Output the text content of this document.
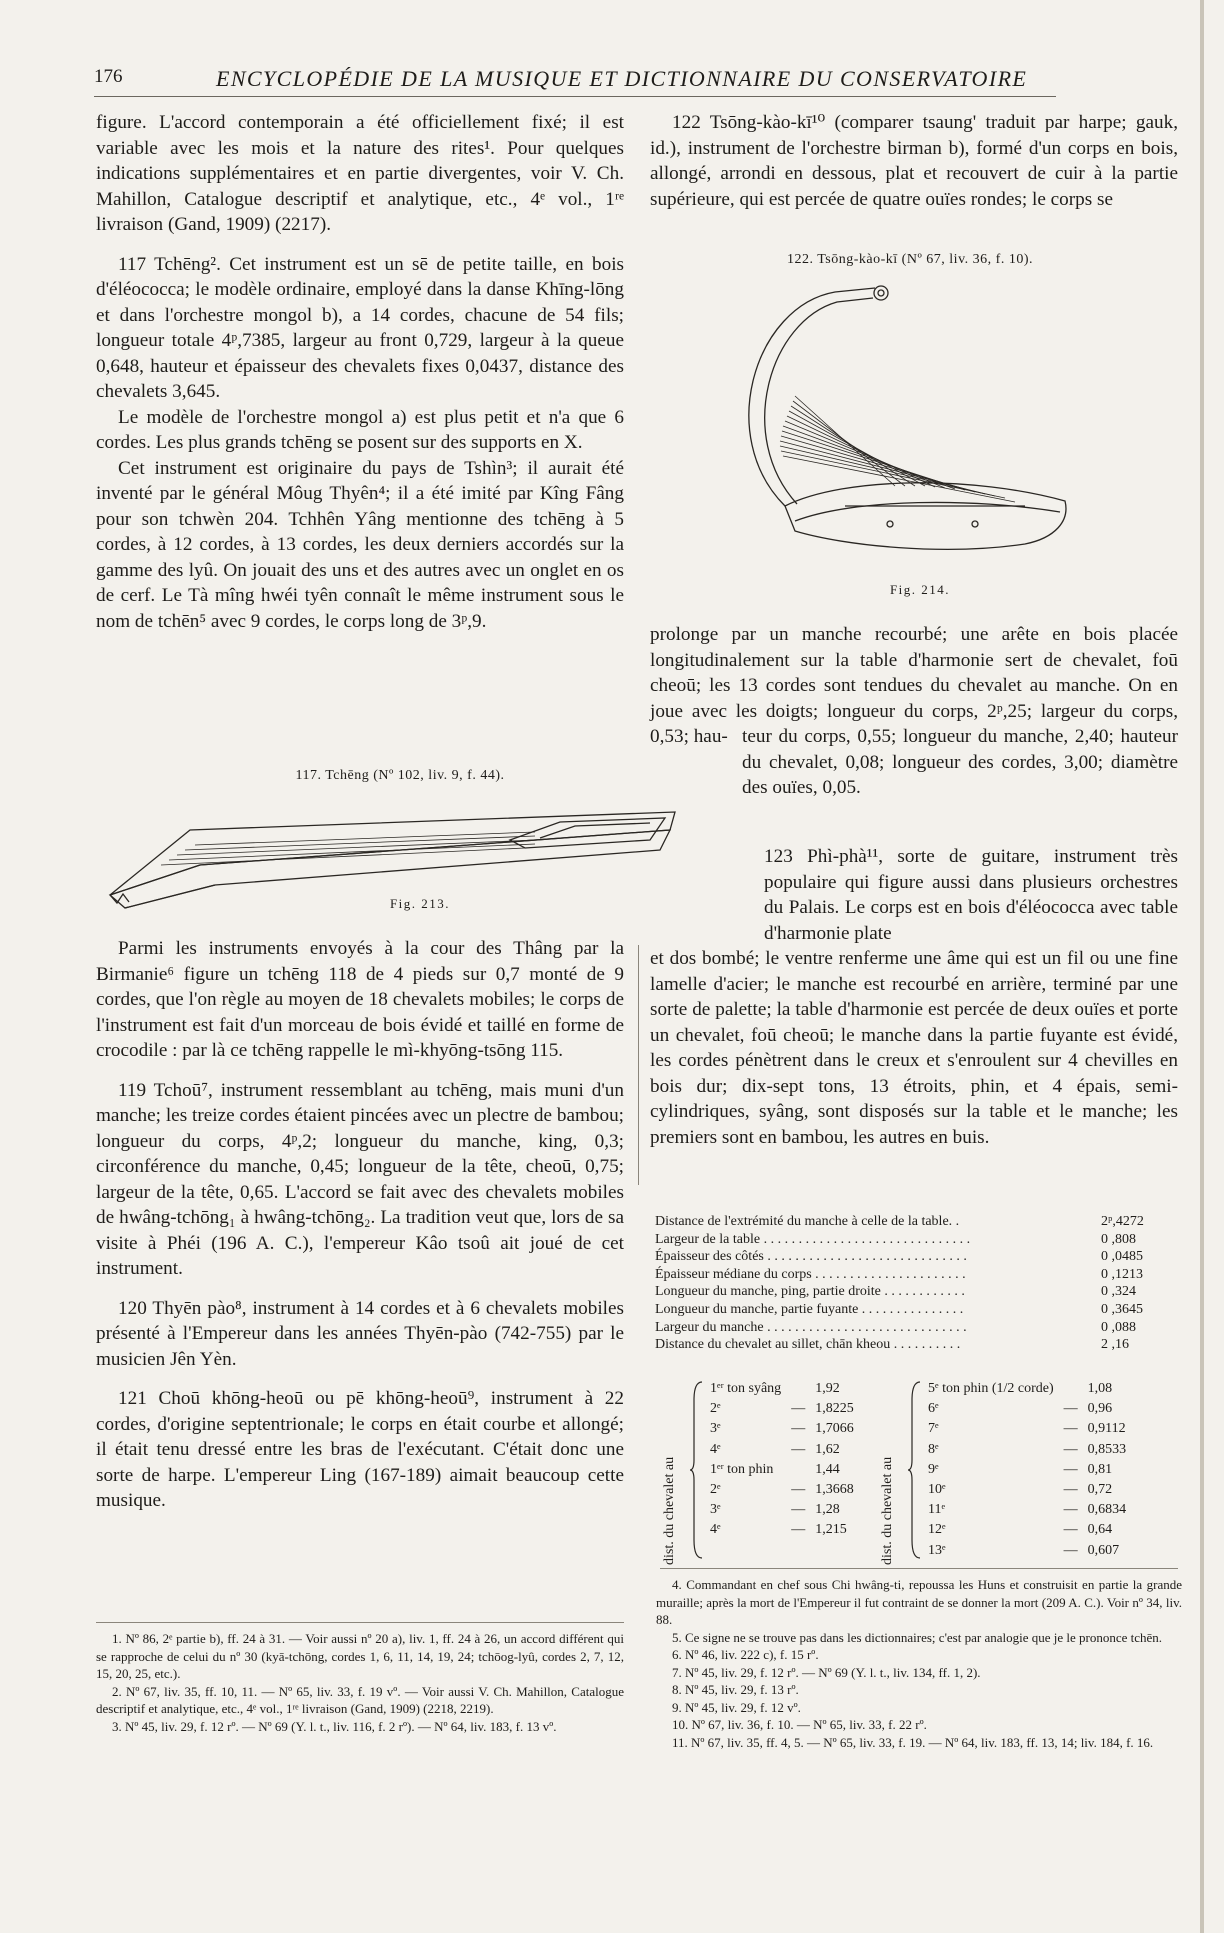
176	ENCYCLOPÉDIE DE LA MUSIQUE ET DICTIONNAIRE DU CONSERVATOIRE

figure. L'accord contemporain a été officiellement fixé; il est variable avec les mois et la nature des rites¹. Pour quelques indications supplémentaires et en partie divergentes, voir V. Ch. Mahillon, Catalogue descriptif et analytique, etc., 4ᵉ vol., 1ʳᵉ livraison (Gand, 1909) (2217).

117 Tchēng². Cet instrument est un sē de petite taille, en bois d'éléococca; le modèle ordinaire, employé dans la danse Khīng-lōng et dans l'orchestre mongol b), a 14 cordes, chacune de 54 fils; longueur totale 4ᵖ,7385, largeur au front 0,729, largeur à la queue 0,648, hauteur et épaisseur des chevalets fixes 0,0437, distance des chevalets 3,645.

Le modèle de l'orchestre mongol a) est plus petit et n'a que 6 cordes. Les plus grands tchēng se posent sur des supports en X.

Cet instrument est originaire du pays de Tshìn³; il aurait été inventé par le général Môug Thyên⁴; il a été imité par Kîng Fâng pour son tchwèn 204. Tchhên Yâng mentionne des tchēng à 5 cordes, à 12 cordes, à 13 cordes, les deux derniers accordés sur la gamme des lyû. On jouait des uns et des autres avec un onglet en os de cerf. Le Tà mîng hwéi tyên connaît le même instrument sous le nom de tchēn⁵ avec 9 cordes, le corps long de 3ᵖ,9.

117. Tchēng (Nº 102, liv. 9, f. 44).
Fig. 213.

Parmi les instruments envoyés à la cour des Thâng par la Birmanie⁶ figure un tchēng 118 de 4 pieds sur 0,7 monté de 9 cordes, que l'on règle au moyen de 18 chevalets mobiles; le corps de l'instrument est fait d'un morceau de bois évidé et taillé en forme de crocodile : par là ce tchēng rappelle le mì-khyōng-tsōng 115.

119 Tchoū⁷, instrument ressemblant au tchēng, mais muni d'un manche; les treize cordes étaient pincées avec un plectre de bambou; longueur du corps, 4ᵖ,2; longueur du manche, king, 0,3; circonférence du manche, 0,45; longueur de la tête, cheoū, 0,75; largeur de la tête, 0,65. L'accord se fait avec des chevalets mobiles de hwâng-tchōng₁ à hwâng-tchōng₂. La tradition veut que, lors de sa visite à Phéi (196 A. C.), l'empereur Kâo tsoû ait joué de cet instrument.

120 Thyēn pào⁸, instrument à 14 cordes et à 6 chevalets mobiles présenté à l'Empereur dans les années Thyēn-pào (742-755) par le musicien Jên Yèn.

121 Choū khōng-heoū ou pē khōng-heoū⁹, instrument à 22 cordes, d'origine septentrionale; le corps en était courbe et allongé; il était tenu dressé entre les bras de l'exécutant. C'était donc une sorte de harpe. L'empereur Ling (167-189) aimait beaucoup cette musique.

1. Nº 86, 2ᵉ partie b), ff. 24 à 31. — Voir aussi nº 20 a), liv. 1, ff. 24 à 26, un accord différent qui se rapproche de celui du nº 30 (kyā-tchōng, cordes 1, 6, 11, 14, 19, 24; tchōog-lyû, cordes 2, 7, 12, 15, 20, 25, etc.).

2. Nº 67, liv. 35, ff. 10, 11. — Nº 65, liv. 33, f. 19 vº. — Voir aussi V. Ch. Mahillon, Catalogue descriptif et analytique, etc., 4ᵉ vol., 1ʳᵉ livraison (Gand, 1909) (2218, 2219).

3. Nº 45, liv. 29, f. 12 rº. — Nº 69 (Y. l. t., liv. 116, f. 2 rº). — Nº 64, liv. 183, f. 13 vº.

122 Tsōng-kào-kī¹⁰ (comparer tsaung' traduit par harpe; gauk, id.), instrument de l'orchestre birman b), formé d'un corps en bois, allongé, arrondi en dessous, plat et recouvert de cuir à la partie supérieure, qui est percée de quatre ouïes rondes; le corps se

122. Tsōng-kào-kī (Nº 67, liv. 36, f. 10).
Fig. 214.

prolonge par un manche recourbé; une arête en bois placée longitudinalement sur la table d'harmonie sert de chevalet, foū cheoū; les 13 cordes sont tendues du chevalet au manche. On en joue avec les doigts; longueur du corps, 2ᵖ,25; largeur du corps, 0,53; hau- teur du corps, 0,55; longueur du manche, 2,40; hauteur du chevalet, 0,08; longueur des cordes, 3,00; diamètre des ouïes, 0,05.

123 Phì-phà¹¹, sorte de guitare, instrument très populaire qui figure aussi dans plusieurs orchestres du Palais. Le corps est en bois d'éléococca avec table d'harmonie plate

et dos bombé; le ventre renferme une âme qui est un fil ou une fine lamelle d'acier; le manche est recourbé en arrière, terminé par une sorte de palette; la table d'harmonie est percée de deux ouïes et porte un chevalet, foū cheoū; le manche dans la partie fuyante est évidé, les cordes pénètrent dans le creux et s'enroulent sur 4 chevilles en bois dur; dix-sept tons, 13 étroits, phin, et 4 épais, semi-cylindriques, syâng, sont disposés sur la table et le manche; les premiers sont en bambou, les autres en buis.

Distance de l'extrémité du manche à celle de la table. .	2ᵖ,4272
Largeur de la table . . . . . . . . . . . . . . . . . . . . . . . . . . . . . .	0 ,808
Épaisseur des côtés . . . . . . . . . . . . . . . . . . . . . . . . . . . . .	0 ,0485
Épaisseur médiane du corps . . . . . . . . . . . . . . . . . . . . . .	0 ,1213
Longueur du manche, ping, partie droite . . . . . . . . . . . .	0 ,324
Longueur du manche, partie fuyante . . . . . . . . . . . . . . .	0 ,3645
Largeur du manche . . . . . . . . . . . . . . . . . . . . . . . . . . . . .	0 ,088
Distance du chevalet au sillet, chān kheou . . . . . . . . . .	2 ,16
dist. du chevalet au	dist. du chevalet au
1ᵉʳ ton syâng		1,92
2ᵉ	—	1,8225
3ᵉ	—	1,7066
4ᵉ	—	1,62
1ᵉʳ ton phin		1,44
2ᵉ	—	1,3668
3ᵉ	—	1,28
4ᵉ	—	1,215
5ᵉ ton phin (1/2 corde)		1,08
6ᵉ	—	0,96
7ᵉ	—	0,9112
8ᵉ	—	0,8533
9ᵉ	—	0,81
10ᵉ	—	0,72
11ᵉ	—	0,6834
12ᵉ	—	0,64
13ᵉ	—	0,607

4. Commandant en chef sous Chi hwâng-ti, repoussa les Huns et construisit en partie la grande muraille; après la mort de l'Empereur il fut contraint de se donner la mort (209 A. C.). Voir nº 34, liv. 88.

5. Ce signe ne se trouve pas dans les dictionnaires; c'est par analogie que je le prononce tchēn.

6. Nº 46, liv. 222 c), f. 15 rº.

7. Nº 45, liv. 29, f. 12 rº. — Nº 69 (Y. l. t., liv. 134, ff. 1, 2).

8. Nº 45, liv. 29, f. 13 rº.

9. Nº 45, liv. 29, f. 12 vº.

10. Nº 67, liv. 36, f. 10. — Nº 65, liv. 33, f. 22 rº.

11. Nº 67, liv. 35, ff. 4, 5. — Nº 65, liv. 33, f. 19. — Nº 64, liv. 183, ff. 13, 14; liv. 184, f. 16.
